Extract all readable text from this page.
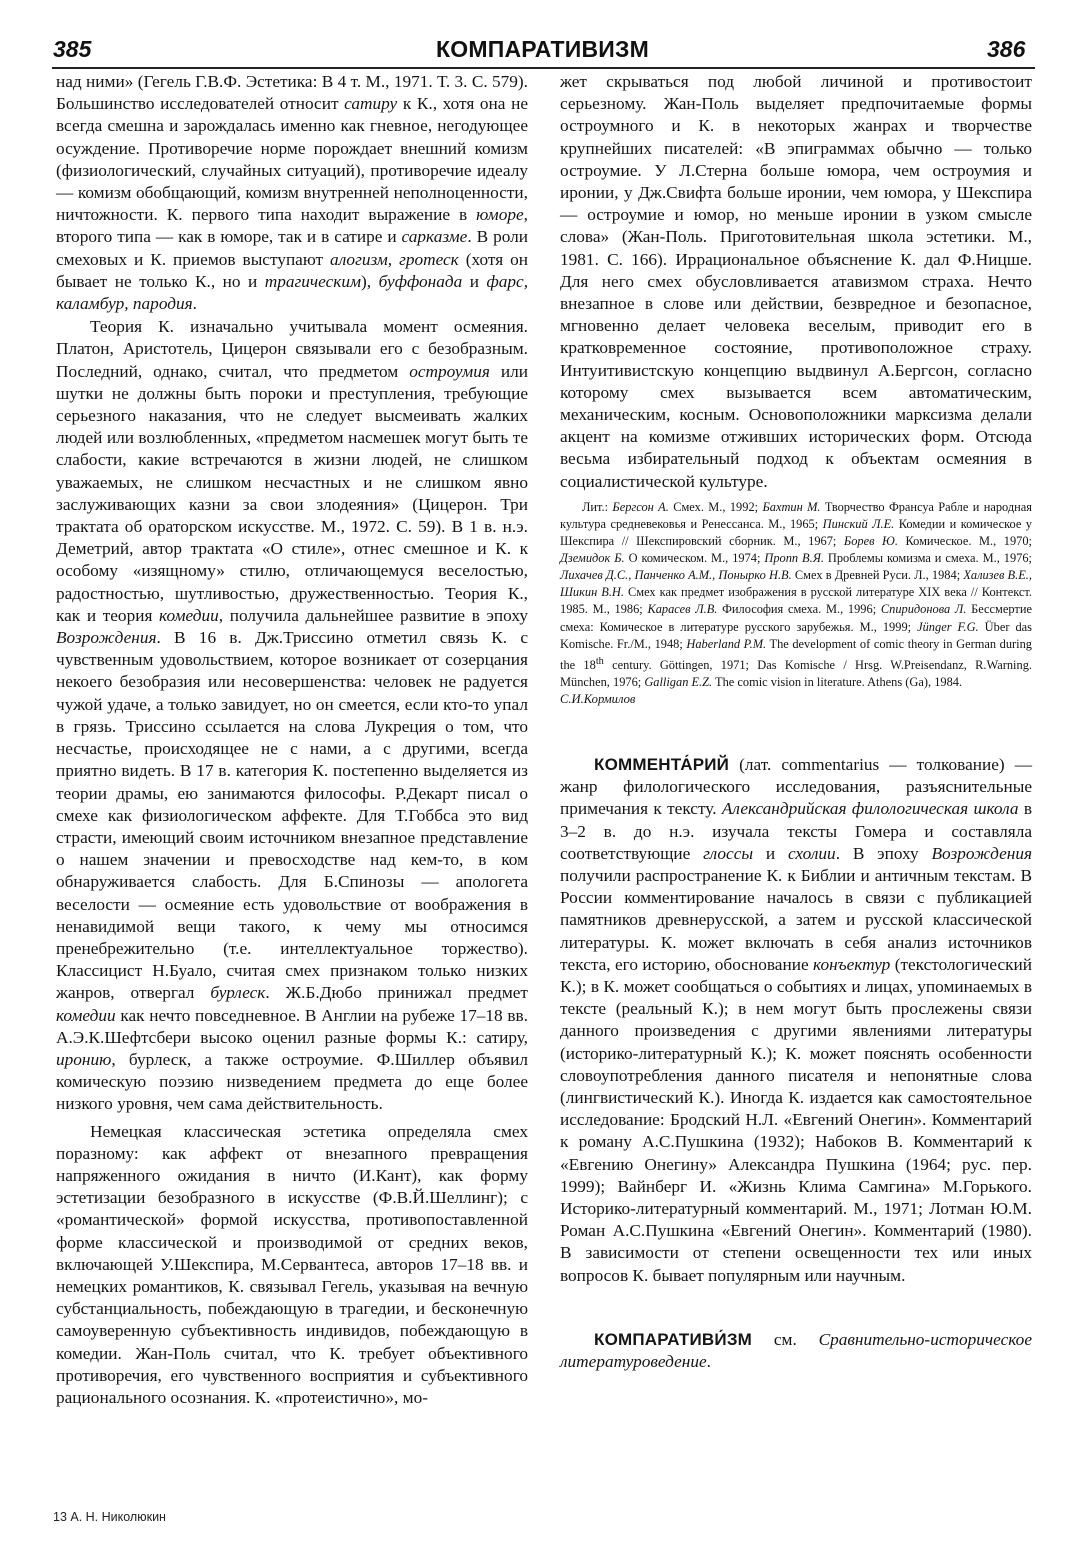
385	КОМПАРАТИВИЗМ	386

над ними» (Гегель Г.В.Ф. Эстетика: В 4 т. М., 1971. Т. 3. С. 579). Большинство исследователей относит сатиру к К., хотя она не всегда смешна и зарождалась именно как гневное, негодующее осуждение. Противоречие норме порождает внешний комизм (физиологический, случайных ситуаций), противоречие идеалу — комизм обобщающий, комизм внутренней неполноценности, ничтожности. К. первого типа находит выражение в юморе, второго типа — как в юморе, так и в сатире и сарказме. В роли смеховых и К. приемов выступают алогизм, гротеск (хотя он бывает не только К., но и трагическим), буффонада и фарс, каламбур, пародия.

Теория К. изначально учитывала момент осмеяния. Платон, Аристотель, Цицерон связывали его с безобразным. Последний, однако, считал, что предметом остроумия или шутки не должны быть пороки и преступления, требующие серьезного наказания, что не следует высмеивать жалких людей или возлюбленных, «предметом насмешек могут быть те слабости, какие встречаются в жизни людей, не слишком уважаемых, не слишком несчастных и не слишком явно заслуживающих казни за свои злодеяния» (Цицерон. Три трактата об ораторском искусстве. М., 1972. С. 59). В 1 в. н.э. Деметрий, автор трактата «О стиле», отнес смешное и К. к особому «изящному» стилю, отличающемуся веселостью, радостностью, шутливостью, дружественностью. Теория К., как и теория комедии, получила дальнейшее развитие в эпоху Возрождения. В 16 в. Дж.Триссино отметил связь К. с чувственным удовольствием, которое возникает от созерцания некоего безобразия или несовершенства: человек не радуется чужой удаче, а только завидует, но он смеется, если кто-то упал в грязь. Триссино ссылается на слова Лукреция о том, что несчастье, происходящее не с нами, а с другими, всегда приятно видеть. В 17 в. категория К. постепенно выделяется из теории драмы, ею занимаются философы. Р.Декарт писал о смехе как физиологическом аффекте. Для Т.Гоббса это вид страсти, имеющий своим источником внезапное представление о нашем значении и превосходстве над кем-то, в ком обнаруживается слабость. Для Б.Спинозы — апологета веселости — осмеяние есть удовольствие от воображения в ненавидимой вещи такого, к чему мы относимся пренебрежительно (т.е. интеллектуальное торжество). Классицист Н.Буало, считая смех признаком только низких жанров, отвергал бурлеск. Ж.Б.Дюбо принижал предмет комедии как нечто повседневное. В Англии на рубеже 17–18 вв. А.Э.К.Шефтсбери высоко оценил разные формы К.: сатиру, иронию, бурлеск, а также остроумие. Ф.Шиллер объявил комическую поэзию низведением предмета до еще более низкого уровня, чем сама действительность.

Немецкая классическая эстетика определяла смех поразному: как аффект от внезапного превращения напряженного ожидания в ничто (И.Кант), как форму эстетизации безобразного в искусстве (Ф.В.Й.Шеллинг); с «романтической» формой искусства, противопоставленной форме классической и производимой от средних веков, включающей У.Шекспира, М.Сервантеса, авторов 17–18 вв. и немецких романтиков, К. связывал Гегель, указывая на вечную субстанциальность, побеждающую в трагедии, и бесконечную самоуверенную субъективность индивидов, побеждающую в комедии. Жан-Поль считал, что К. требует объективного противоречия, его чувственного восприятия и субъективного рационального осознания. К. «протеистично», мо-

жет скрываться под любой личиной и противостоит серьезному. Жан-Поль выделяет предпочитаемые формы остроумного и К. в некоторых жанрах и творчестве крупнейших писателей: «В эпиграммах обычно — только остроумие. У Л.Стерна больше юмора, чем остроумия и иронии, у Дж.Свифта больше иронии, чем юмора, у Шекспира — остроумие и юмор, но меньше иронии в узком смысле слова» (Жан-Поль. Приготовительная школа эстетики. М., 1981. С. 166). Иррациональное объяснение К. дал Ф.Ницше. Для него смех обусловливается атавизмом страха. Нечто внезапное в слове или действии, безвредное и безопасное, мгновенно делает человека веселым, приводит его в кратковременное состояние, противоположное страху. Интуитивистскую концепцию выдвинул А.Бергсон, согласно которому смех вызывается всем автоматическим, механическим, косным. Основоположники марксизма делали акцент на комизме отживших исторических форм. Отсюда весьма избирательный подход к объектам осмеяния в социалистической культуре.

Лит.: Бергсон А. Смех. М., 1992; Бахтин М. Творчество Франсуа Рабле и народная культура средневековья и Ренессанса. М., 1965; Пинский Л.Е. Комедии и комическое у Шекспира // Шекспировский сборник. М., 1967; Борев Ю. Комическое. М., 1970; Дземидок Б. О комическом. М., 1974; Пропп В.Я. Проблемы комизма и смеха. М., 1976; Лихачев Д.С., Панченко А.М., Понырко Н.В. Смех в Древней Руси. Л., 1984; Хализев В.Е., Шикин В.Н. Смех как предмет изображения в русской литературе XIX века // Контекст. 1985. М., 1986; Карасев Л.В. Философия смеха. М., 1996; Спиридонова Л. Бессмертие смеха: Комическое в литературе русского зарубежья. М., 1999; Jünger F.G. Über das Komische. Fr./M., 1948; Haberland P.M. The development of comic theory in German during the 18th century. Göttingen, 1971; Das Komische / Hrsg. W.Preisendanz, R.Warning. München, 1976; Galligan E.Z. The comic vision in literature. Athens (Ga), 1984.

С.И.Кормилов

КОММЕНТА́РИЙ (лат. commentarius — толкование) — жанр филологического исследования, разъяснительные примечания к тексту. Александрийская филологическая школа в 3–2 в. до н.э. изучала тексты Гомера и составляла соответствующие глоссы и схолии. В эпоху Возрождения получили распространение К. к Библии и античным текстам. В России комментирование началось в связи с публикацией памятников древнерусской, а затем и русской классической литературы. К. может включать в себя анализ источников текста, его историю, обоснование конъектур (текстологический К.); в К. может сообщаться о событиях и лицах, упоминаемых в тексте (реальный К.); в нем могут быть прослежены связи данного произведения с другими явлениями литературы (историко-литературный К.); К. может пояснять особенности словоупотребления данного писателя и непонятные слова (лингвистический К.). Иногда К. издается как самостоятельное исследование: Бродский Н.Л. «Евгений Онегин». Комментарий к роману А.С.Пушкина (1932); Набоков В. Комментарий к «Евгению Онегину» Александра Пушкина (1964; рус. пер. 1999); Вайнберг И. «Жизнь Клима Самгина» М.Горького. Историко-литературный комментарий. М., 1971; Лотман Ю.М. Роман А.С.Пушкина «Евгений Онегин». Комментарий (1980). В зависимости от степени освещенности тех или иных вопросов К. бывает популярным или научным.

КОМПАРАТИВИ́ЗМ см. Сравнительно-историческое литературоведение.

13 А. Н. Николюкин
